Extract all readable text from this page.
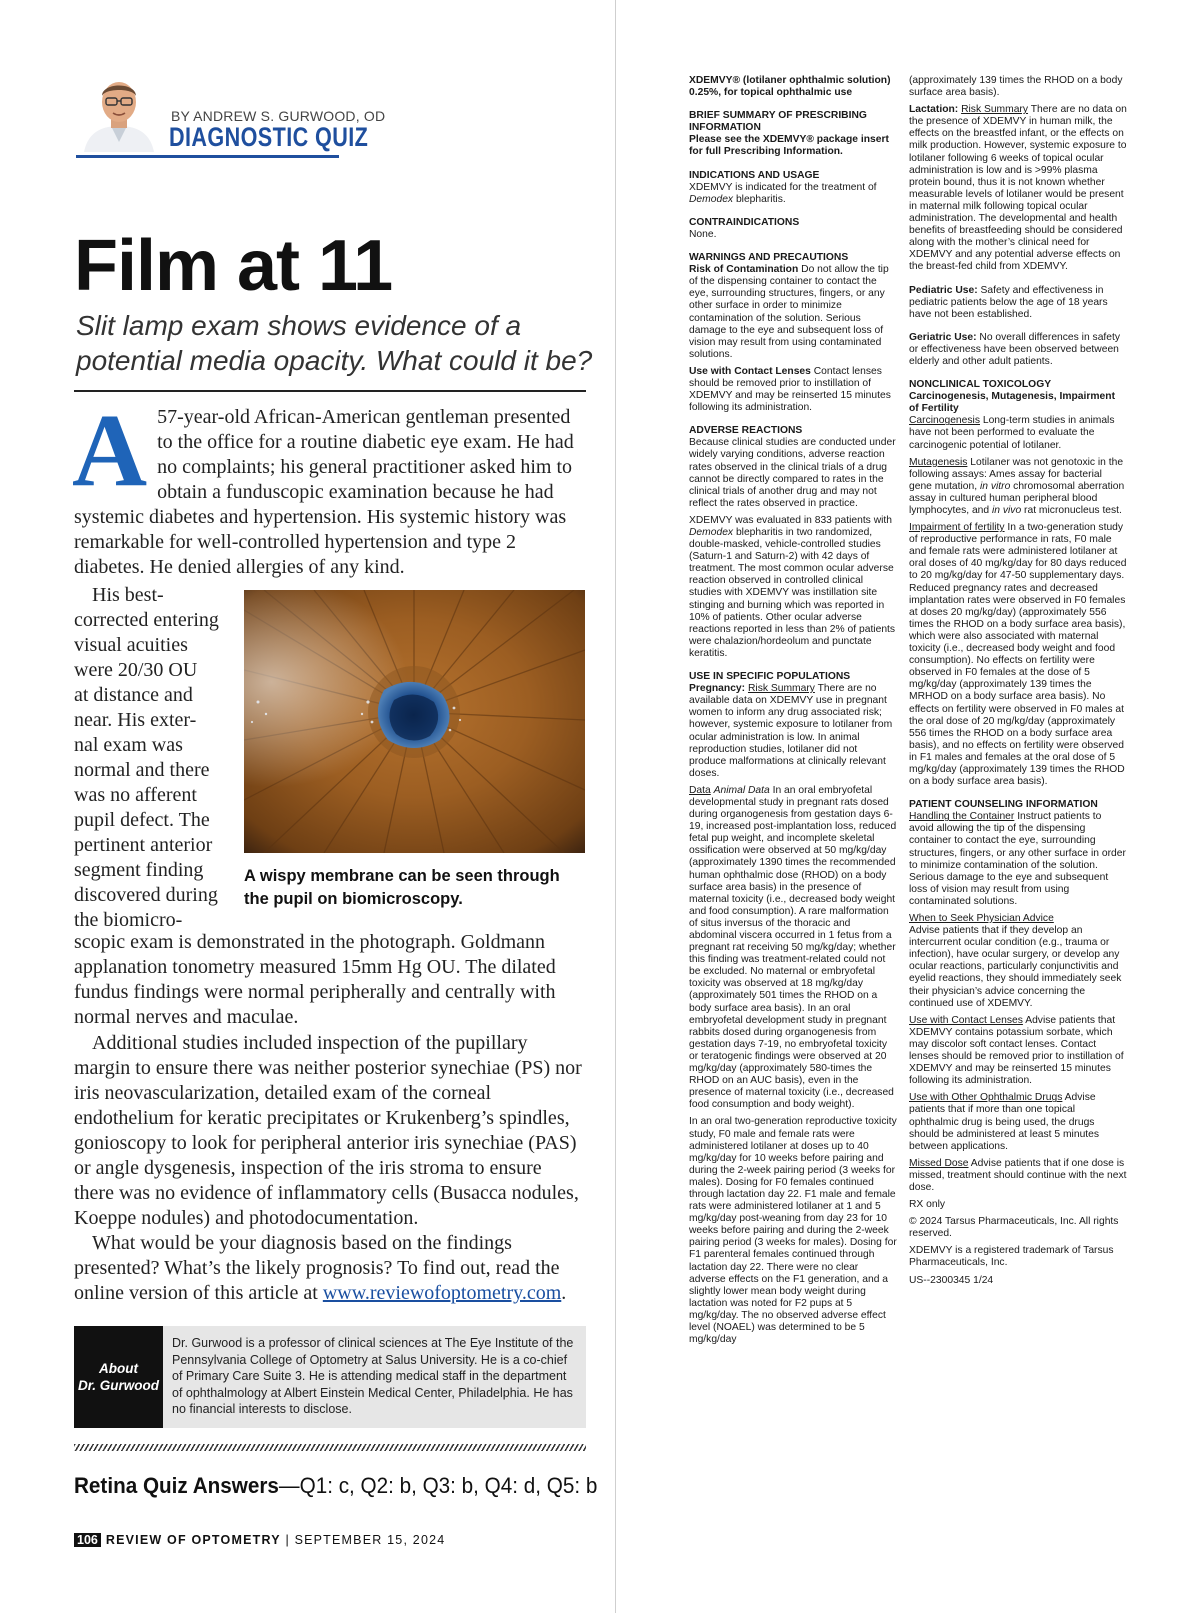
BY ANDREW S. GURWOOD, OD
DIAGNOSTIC QUIZ
Film at 11
Slit lamp exam shows evidence of a potential media opacity. What could it be?
A 57-year-old African-American gentleman presented to the office for a routine diabetic eye exam. He had no complaints; his general practitioner asked him to obtain a funduscopic examination because he had systemic diabetes and hypertension. His systemic history was remarkable for well-controlled hypertension and type 2 diabetes. He denied allergies of any kind.
His best-
corrected entering
visual acuities
were 20/30 OU
at distance and
near. His exter-
nal exam was
normal and there
was no afferent
pupil defect. The
pertinent anterior
segment finding
discovered during
the biomicro-
A wispy membrane can be seen through the pupil on biomicroscopy.
scopic exam is demonstrated in the photograph. Goldmann applanation tonometry measured 15mm Hg OU. The dilated fundus findings were normal peripherally and centrally with normal nerves and maculae.
Additional studies included inspection of the pupillary margin to ensure there was neither posterior synechiae (PS) nor iris neovascularization, detailed exam of the corneal endothelium for keratic precipitates or Krukenberg’s spindles, gonioscopy to look for peripheral anterior iris synechiae (PAS) or angle dysgenesis, inspection of the iris stroma to ensure there was no evidence of inflammatory cells (Busacca nodules, Koeppe nodules) and photodocumentation.
What would be your diagnosis based on the findings presented? What’s the likely prognosis? To find out, read the online version of this article at www.reviewofoptometry.com.
About
Dr. Gurwood
Dr. Gurwood is a professor of clinical sciences at The Eye Institute of the Pennsylvania College of Optometry at Salus University. He is a co-chief of Primary Care Suite 3. He is attending medical staff in the department of ophthalmology at Albert Einstein Medical Center, Philadelphia. He has no financial interests to disclose.
Retina Quiz Answers—Q1: c, Q2: b, Q3: b, Q4: d, Q5: b
106 REVIEW OF OPTOMETRY | SEPTEMBER 15, 2024

XDEMVY® (lotilaner ophthalmic solution) 0.25%, for topical ophthalmic use

BRIEF SUMMARY OF PRESCRIBING INFORMATION
Please see the XDEMVY® package insert for full Prescribing Information.

INDICATIONS AND USAGE
XDEMVY is indicated for the treatment of Demodex blepharitis.

CONTRAINDICATIONS
None.

WARNINGS AND PRECAUTIONS
Risk of Contamination Do not allow the tip of the dispensing container to contact the eye, surrounding structures, fingers, or any other surface in order to minimize contamination of the solution. Serious damage to the eye and subsequent loss of vision may result from using contaminated solutions.

Use with Contact Lenses Contact lenses should be removed prior to instillation of XDEMVY and may be reinserted 15 minutes following its administration.

ADVERSE REACTIONS
Because clinical studies are conducted under widely varying conditions, adverse reaction rates observed in the clinical trials of a drug cannot be directly compared to rates in the clinical trials of another drug and may not reflect the rates observed in practice.

XDEMVY was evaluated in 833 patients with Demodex blepharitis in two randomized, double-masked, vehicle-controlled studies (Saturn-1 and Saturn-2) with 42 days of treatment. The most common ocular adverse reaction observed in controlled clinical studies with XDEMVY was instillation site stinging and burning which was reported in 10% of patients. Other ocular adverse reactions reported in less than 2% of patients were chalazion/hordeolum and punctate keratitis.

USE IN SPECIFIC POPULATIONS
Pregnancy: Risk Summary There are no available data on XDEMVY use in pregnant women to inform any drug associated risk; however, systemic exposure to lotilaner from ocular administration is low. In animal reproduction studies, lotilaner did not produce malformations at clinically relevant doses.

Data Animal Data In an oral embryofetal developmental study in pregnant rats dosed during organogenesis from gestation days 6-19, increased post-implantation loss, reduced fetal pup weight, and incomplete skeletal ossification were observed at 50 mg/kg/day (approximately 1390 times the recommended human ophthalmic dose (RHOD) on a body surface area basis) in the presence of maternal toxicity (i.e., decreased body weight and food consumption). A rare malformation of situs inversus of the thoracic and abdominal viscera occurred in 1 fetus from a pregnant rat receiving 50 mg/kg/day; whether this finding was treatment-related could not be excluded. No maternal or embryofetal toxicity was observed at 18 mg/kg/day (approximately 501 times the RHOD on a body surface area basis). In an oral embryofetal development study in pregnant rabbits dosed during organogenesis from gestation days 7-19, no embryofetal toxicity or teratogenic findings were observed at 20 mg/kg/day (approximately 580-times the RHOD on an AUC basis), even in the presence of maternal toxicity (i.e., decreased food consumption and body weight).

In an oral two-generation reproductive toxicity study, F0 male and female rats were administered lotilaner at doses up to 40 mg/kg/day for 10 weeks before pairing and during the 2-week pairing period (3 weeks for males). Dosing for F0 females continued through lactation day 22. F1 male and female rats were administered lotilaner at 1 and 5 mg/kg/day post-weaning from day 23 for 10 weeks before pairing and during the 2-week pairing period (3 weeks for males). Dosing for F1 parenteral females continued through lactation day 22. There were no clear adverse effects on the F1 generation, and a slightly lower mean body weight during lactation was noted for F2 pups at 5 mg/kg/day. The no observed adverse effect level (NOAEL) was determined to be 5 mg/kg/day

(approximately 139 times the RHOD on a body surface area basis).

Lactation: Risk Summary There are no data on the presence of XDEMVY in human milk, the effects on the breastfed infant, or the effects on milk production. However, systemic exposure to lotilaner following 6 weeks of topical ocular administration is low and is >99% plasma protein bound, thus it is not known whether measurable levels of lotilaner would be present in maternal milk following topical ocular administration. The developmental and health benefits of breastfeeding should be considered along with the mother’s clinical need for XDEMVY and any potential adverse effects on the breast-fed child from XDEMVY.

Pediatric Use: Safety and effectiveness in pediatric patients below the age of 18 years have not been established.

Geriatric Use: No overall differences in safety or effectiveness have been observed between elderly and other adult patients.

NONCLINICAL TOXICOLOGY
Carcinogenesis, Mutagenesis, Impairment of Fertility
Carcinogenesis Long-term studies in animals have not been performed to evaluate the carcinogenic potential of lotilaner.

Mutagenesis Lotilaner was not genotoxic in the following assays: Ames assay for bacterial gene mutation, in vitro chromosomal aberration assay in cultured human peripheral blood lymphocytes, and in vivo rat micronucleus test.

Impairment of fertility In a two-generation study of reproductive performance in rats, F0 male and female rats were administered lotilaner at oral doses of 40 mg/kg/day for 80 days reduced to 20 mg/kg/day for 47-50 supplementary days. Reduced pregnancy rates and decreased implantation rates were observed in F0 females at doses 20 mg/kg/day) (approximately 556 times the RHOD on a body surface area basis), which were also associated with maternal toxicity (i.e., decreased body weight and food consumption). No effects on fertility were observed in F0 females at the dose of 5 mg/kg/day (approximately 139 times the MRHOD on a body surface area basis). No effects on fertility were observed in F0 males at the oral dose of 20 mg/kg/day (approximately 556 times the RHOD on a body surface area basis), and no effects on fertility were observed in F1 males and females at the oral dose of 5 mg/kg/day (approximately 139 times the RHOD on a body surface area basis).

PATIENT COUNSELING INFORMATION
Handling the Container Instruct patients to avoid allowing the tip of the dispensing container to contact the eye, surrounding structures, fingers, or any other surface in order to minimize contamination of the solution. Serious damage to the eye and subsequent loss of vision may result from using contaminated solutions.

When to Seek Physician Advice
Advise patients that if they develop an intercurrent ocular condition (e.g., trauma or infection), have ocular surgery, or develop any ocular reactions, particularly conjunctivitis and eyelid reactions, they should immediately seek their physician’s advice concerning the continued use of XDEMVY.

Use with Contact Lenses Advise patients that XDEMVY contains potassium sorbate, which may discolor soft contact lenses. Contact lenses should be removed prior to instillation of XDEMVY and may be reinserted 15 minutes following its administration.

Use with Other Ophthalmic Drugs Advise patients that if more than one topical ophthalmic drug is being used, the drugs should be administered at least 5 minutes between applications.

Missed Dose Advise patients that if one dose is missed, treatment should continue with the next dose.

RX only

© 2024 Tarsus Pharmaceuticals, Inc. All rights reserved.

XDEMVY is a registered trademark of Tarsus Pharmaceuticals, Inc.

US--2300345 1/24
